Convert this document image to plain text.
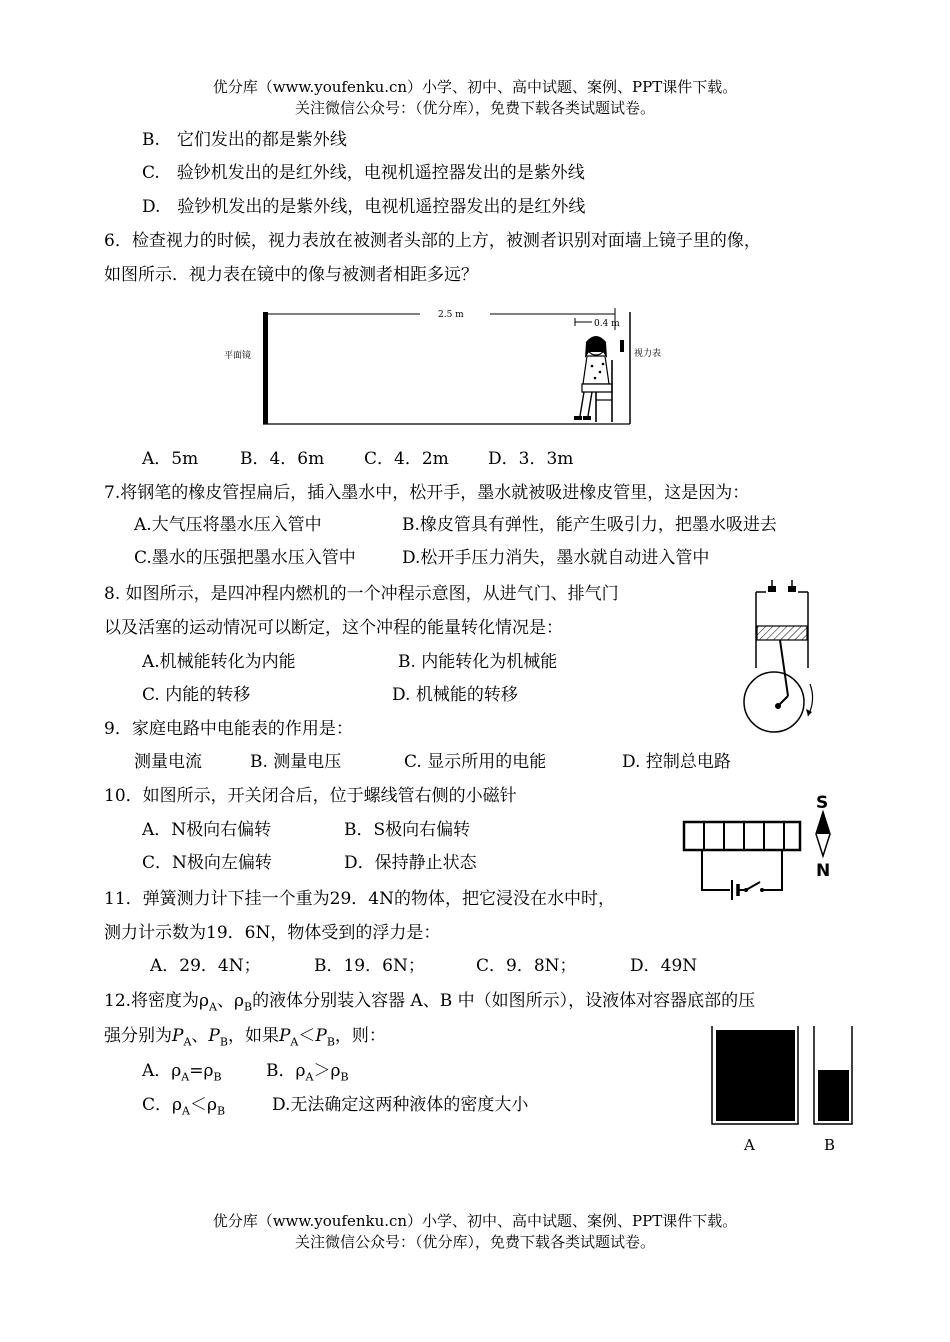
优分库（www.youfenku.cn）小学、初中、高中试题、案例、PPT课件下载。
关注微信公众号：（优分库），免费下载各类试题试卷。
B.　它们发出的都是紫外线
C.　验钞机发出的是红外线，电视机遥控器发出的是紫外线
D.　验钞机发出的是紫外线，电视机遥控器发出的是红外线
6．检查视力的时候，视力表放在被测者头部的上方，被测者识别对面墙上镜子里的像，
如图所示．视力表在镜中的像与被测者相距多远？
2.5 m
0.4 m
平面镜	视力表
A．5m B．4．6m C．4．2m D．3．3m
7.将钢笔的橡皮管捏扁后，插入墨水中，松开手，墨水就被吸进橡皮管里，这是因为：
A.大气压将墨水压入管中	B.橡皮管具有弹性，能产生吸引力，把墨水吸进去
C.墨水的压强把墨水压入管中	D.松开手压力消失，墨水就自动进入管中
8. 如图所示，是四冲程内燃机的一个冲程示意图，从进气门、排气门
以及活塞的运动情况可以断定，这个冲程的能量转化情况是：
A.机械能转化为内能	B. 内能转化为机械能
C. 内能的转移	D. 机械能的转移
9．家庭电路中电能表的作用是：
测量电流	B. 测量电压	C. 显示所用的电能	D. 控制总电路
10．如图所示，开关闭合后，位于螺线管右侧的小磁针
A．N极向右偏转	B．S极向右偏转
C．N极向左偏转	D．保持静止状态
S
N
11．弹簧测力计下挂一个重为29．4N的物体，把它浸没在水中时，
测力计示数为19．6N，物体受到的浮力是：
A．29．4N；	B．19．6N；	C．9．8N；	D．49N
12.将密度为$\rho_A$、$\rho_B$的液体分别装入容器 A、B 中（如图所示），设液体对容器底部的压
强分别为$P_A$、$P_B$，如果$P_A<P_B$，则：
A．$\rho_A=\rho_B$	B．$\rho_A>\rho_B$
C．$\rho_A<\rho_B$	D.无法确定这两种液体的密度大小
A	B
优分库（www.youfenku.cn）小学、初中、高中试题、案例、PPT课件下载。
关注微信公众号：（优分库），免费下载各类试题试卷。
